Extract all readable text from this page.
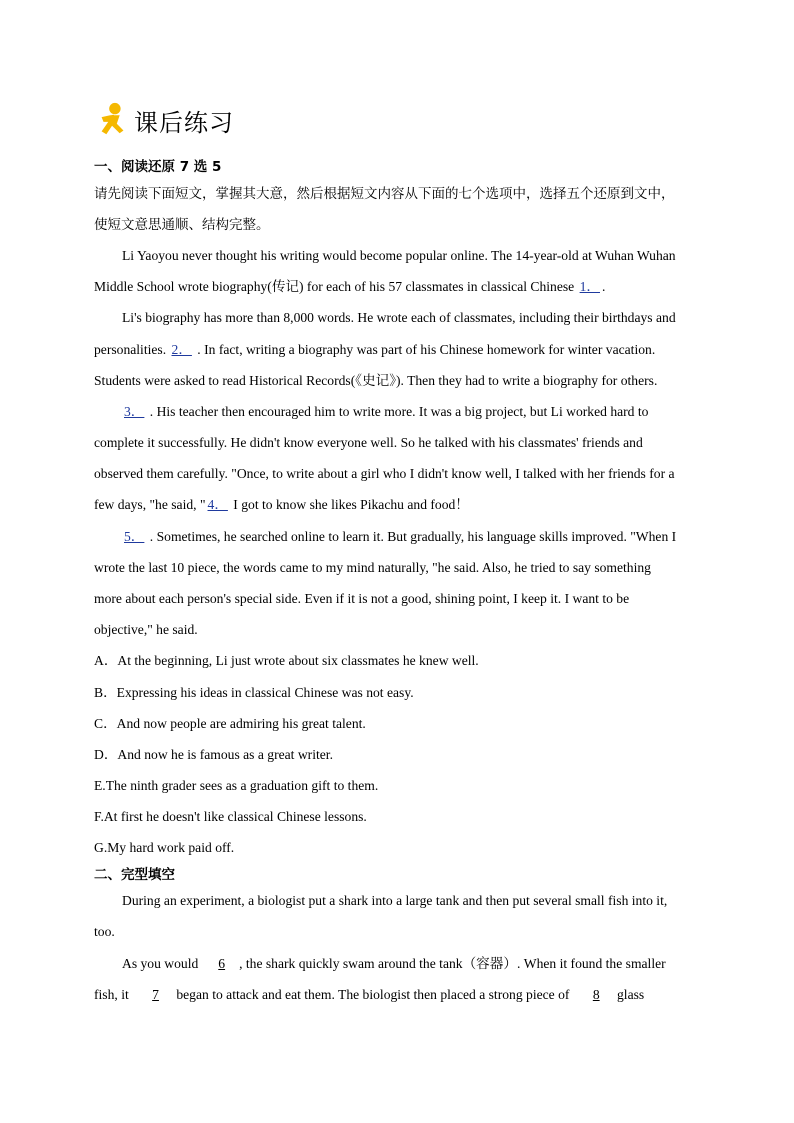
课后练习
一、阅读还原 7 选 5
请先阅读下面短文，掌握其大意，然后根据短文内容从下面的七个选项中，选择五个还原到文中，
使短文意思通顺、结构完整。
Li Yaoyou never thought his writing would become popular online. The 14-year-old at Wuhan Wuhan
Middle School wrote biography(传记) for each of his 57 classmates in classical Chinese 1． .
Li's biography has more than 8,000 words. He wrote each of classmates, including their birthdays and
personalities. 2． . In fact, writing a biography was part of his Chinese homework for winter vacation.
Students were asked to read Historical Records(《史记》). Then they had to write a biography for others.
3． . His teacher then encouraged him to write more. It was a big project, but Li worked hard to
complete it successfully. He didn't know everyone well. So he talked with his classmates' friends and
observed them carefully. "Once, to write about a girl who I didn't know well, I talked with her friends for a
few days, "he said, " 4． I got to know she likes Pikachu and food！
5． . Sometimes, he searched online to learn it. But gradually, his language skills improved. "When I
wrote the last 10 piece, the words came to my mind naturally, "he said. Also, he tried to say something
more about each person's special side. Even if it is not a good, shining point, I keep it. I want to be
objective," he said.
A．At the beginning, Li just wrote about six classmates he knew well.
B．Expressing his ideas in classical Chinese was not easy.
C．And now people are admiring his great talent.
D．And now he is famous as a great writer.
E.The ninth grader sees as a graduation gift to them.
F.At first he doesn't like classical Chinese lessons.
G.My hard work paid off.
二、完型填空
During an experiment, a biologist put a shark into a large tank and then put several small fish into it,
too.
As you would 6 , the shark quickly swam around the tank（容器）. When it found the smaller
fish, it 7 began to attack and eat them. The biologist then placed a strong piece of 8 glass
